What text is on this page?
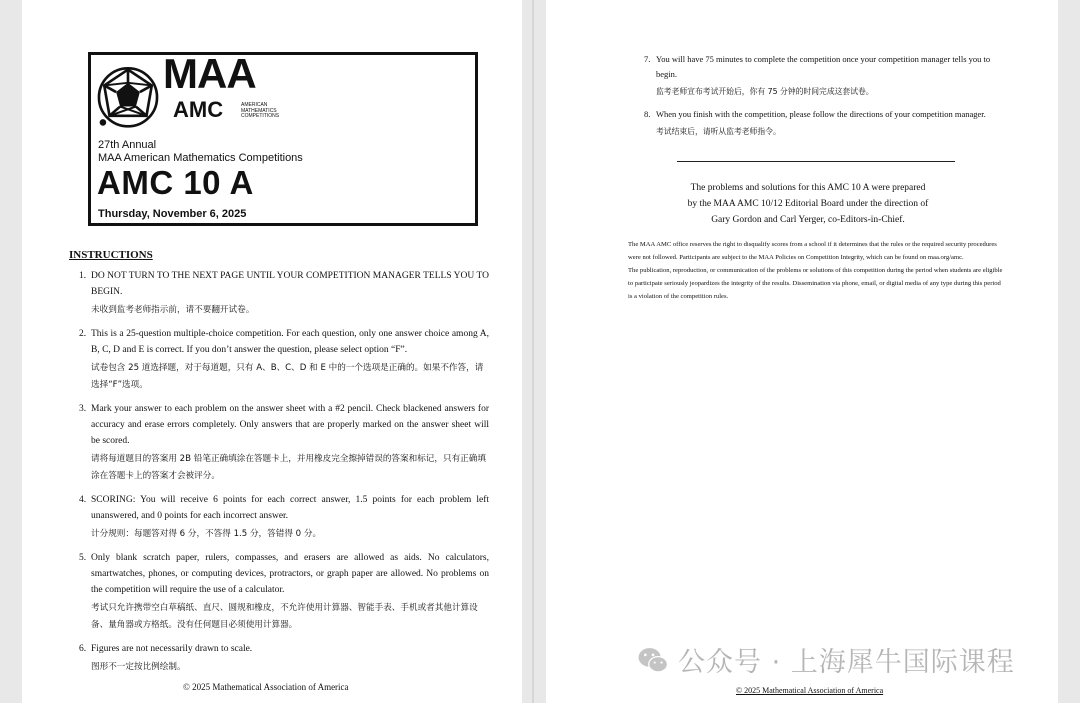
MAA
AMC	AMERICAN MATHEMATICS COMPETITIONS
27th Annual
MAA American Mathematics Competitions
AMC 10 A
Thursday, November 6, 2025
INSTRUCTIONS
1. DO NOT TURN TO THE NEXT PAGE UNTIL YOUR COMPETITION MANAGER TELLS YOU TO BEGIN.
未收到监考老师指示前，请不要翻开试卷。
2. This is a 25-question multiple-choice competition. For each question, only one answer choice among A, B, C, D and E is correct. If you don’t answer the question, please select option “F”.
试卷包含 25 道选择题，对于每道题，只有 A、B、C、D 和 E 中的一个选项是正确的。如果不作答，请选择“F”选项。
3. Mark your answer to each problem on the answer sheet with a #2 pencil. Check blackened answers for accuracy and erase errors completely. Only answers that are properly marked on the answer sheet will be scored.
请将每道题目的答案用 2B 铅笔正确填涂在答题卡上，并用橡皮完全擦掉错误的答案和标记，只有正确填涂在答题卡上的答案才会被评分。
4. SCORING: You will receive 6 points for each correct answer, 1.5 points for each problem left unanswered, and 0 points for each incorrect answer.
计分规则：每题答对得 6 分，不答得 1.5 分，答错得 0 分。
5. Only blank scratch paper, rulers, compasses, and erasers are allowed as aids. No calculators, smartwatches, phones, or computing devices, protractors, or graph paper are allowed. No problems on the competition will require the use of a calculator.
考试只允许携带空白草稿纸、直尺、圆规和橡皮，不允许使用计算器、智能手表、手机或者其他计算设备、量角器或方格纸。没有任何题目必须使用计算器。
6. Figures are not necessarily drawn to scale.
图形不一定按比例绘制。
© 2025 Mathematical Association of America
7. You will have 75 minutes to complete the competition once your competition manager tells you to begin.
监考老师宣布考试开始后，你有 75 分钟的时间完成这套试卷。
8. When you finish with the competition, please follow the directions of your competition manager.
考试结束后，请听从监考老师指令。
The problems and solutions for this AMC 10 A were prepared
by the MAA AMC 10/12 Editorial Board under the direction of
Gary Gordon and Carl Yerger, co-Editors-in-Chief.
The MAA AMC office reserves the right to disqualify scores from a school if it determines that the rules or the required security procedures were not followed. Participants are subject to the MAA Policies on Competition Integrity, which can be found on maa.org/amc.
The publication, reproduction, or communication of the problems or solutions of this competition during the period when students are eligible to participate seriously jeopardizes the integrity of the results. Dissemination via phone, email, or digital media of any type during this period is a violation of the competition rules.
公众号 · 上海犀牛国际课程
© 2025 Mathematical Association of America
